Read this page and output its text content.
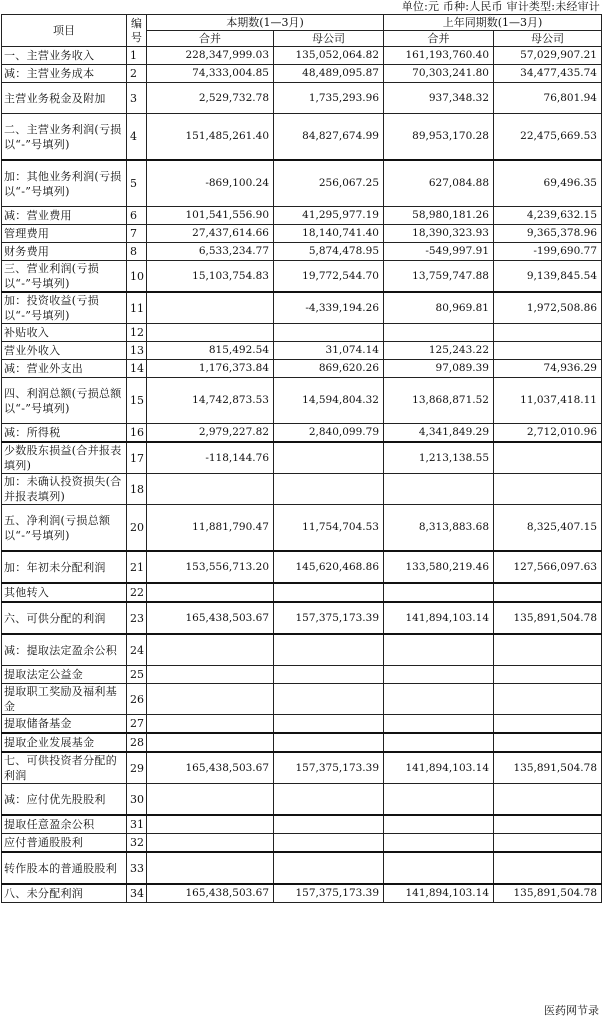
单位:元 币种:人民币 审计类型:未经审计
项目	编
号	本期数(1—3月)		上年同期数(1—3月)	
		合并	母公司	合并	母公司
一、主营业务收入	1	228,347,999.03	135,052,064.82	161,193,760.40	57,029,907.21
减：主营业务成本	2	74,333,004.85	48,489,095.87	70,303,241.80	34,477,435.74
主营业务税金及附加	3	2,529,732.78	1,735,293.96	937,348.32	76,801.94
二、主营业务利润(亏损以“-”号填列)	4	151,485,261.40	84,827,674.99	89,953,170.28	22,475,669.53
加：其他业务利润(亏损以“-”号填列)	5	-869,100.24	256,067.25	627,084.88	69,496.35
减：营业费用	6	101,541,556.90	41,295,977.19	58,980,181.26	4,239,632.15
管理费用	7	27,437,614.66	18,140,741.40	18,390,323.93	9,365,378.96
财务费用	8	6,533,234.77	5,874,478.95	-549,997.91	-199,690.77
三、营业利润(亏损以“-”号填列)	10	15,103,754.83	19,772,544.70	13,759,747.88	9,139,845.54
加：投资收益(亏损以“-”号填列)	11		-4,339,194.26	80,969.81	1,972,508.86
补贴收入	12				
营业外收入	13	815,492.54	31,074.14	125,243.22	
减：营业外支出	14	1,176,373.84	869,620.26	97,089.39	74,936.29
四、利润总额(亏损总额以“-”号填列)	15	14,742,873.53	14,594,804.32	13,868,871.52	11,037,418.11
减：所得税	16	2,979,227.82	2,840,099.79	4,341,849.29	2,712,010.96
少数股东损益(合并报表填列)	17	-118,144.76		1,213,138.55	
加：未确认投资损失(合并报表填列)	18				
五、净利润(亏损总额以“-”号填列)	20	11,881,790.47	11,754,704.53	8,313,883.68	8,325,407.15
加：年初未分配利润	21	153,556,713.20	145,620,468.86	133,580,219.46	127,566,097.63
其他转入	22				
六、可供分配的利润	23	165,438,503.67	157,375,173.39	141,894,103.14	135,891,504.78
减：提取法定盈余公积	24				
提取法定公益金	25				
提取职工奖励及福利基金	26				
提取储备基金	27				
提取企业发展基金	28				
七、可供投资者分配的利润	29	165,438,503.67	157,375,173.39	141,894,103.14	135,891,504.78
减：应付优先股股利	30				
提取任意盈余公积	31				
应付普通股股利	32				
转作股本的普通股股利	33				
八、未分配利润	34	165,438,503.67	157,375,173.39	141,894,103.14	135,891,504.78
医药网节录
